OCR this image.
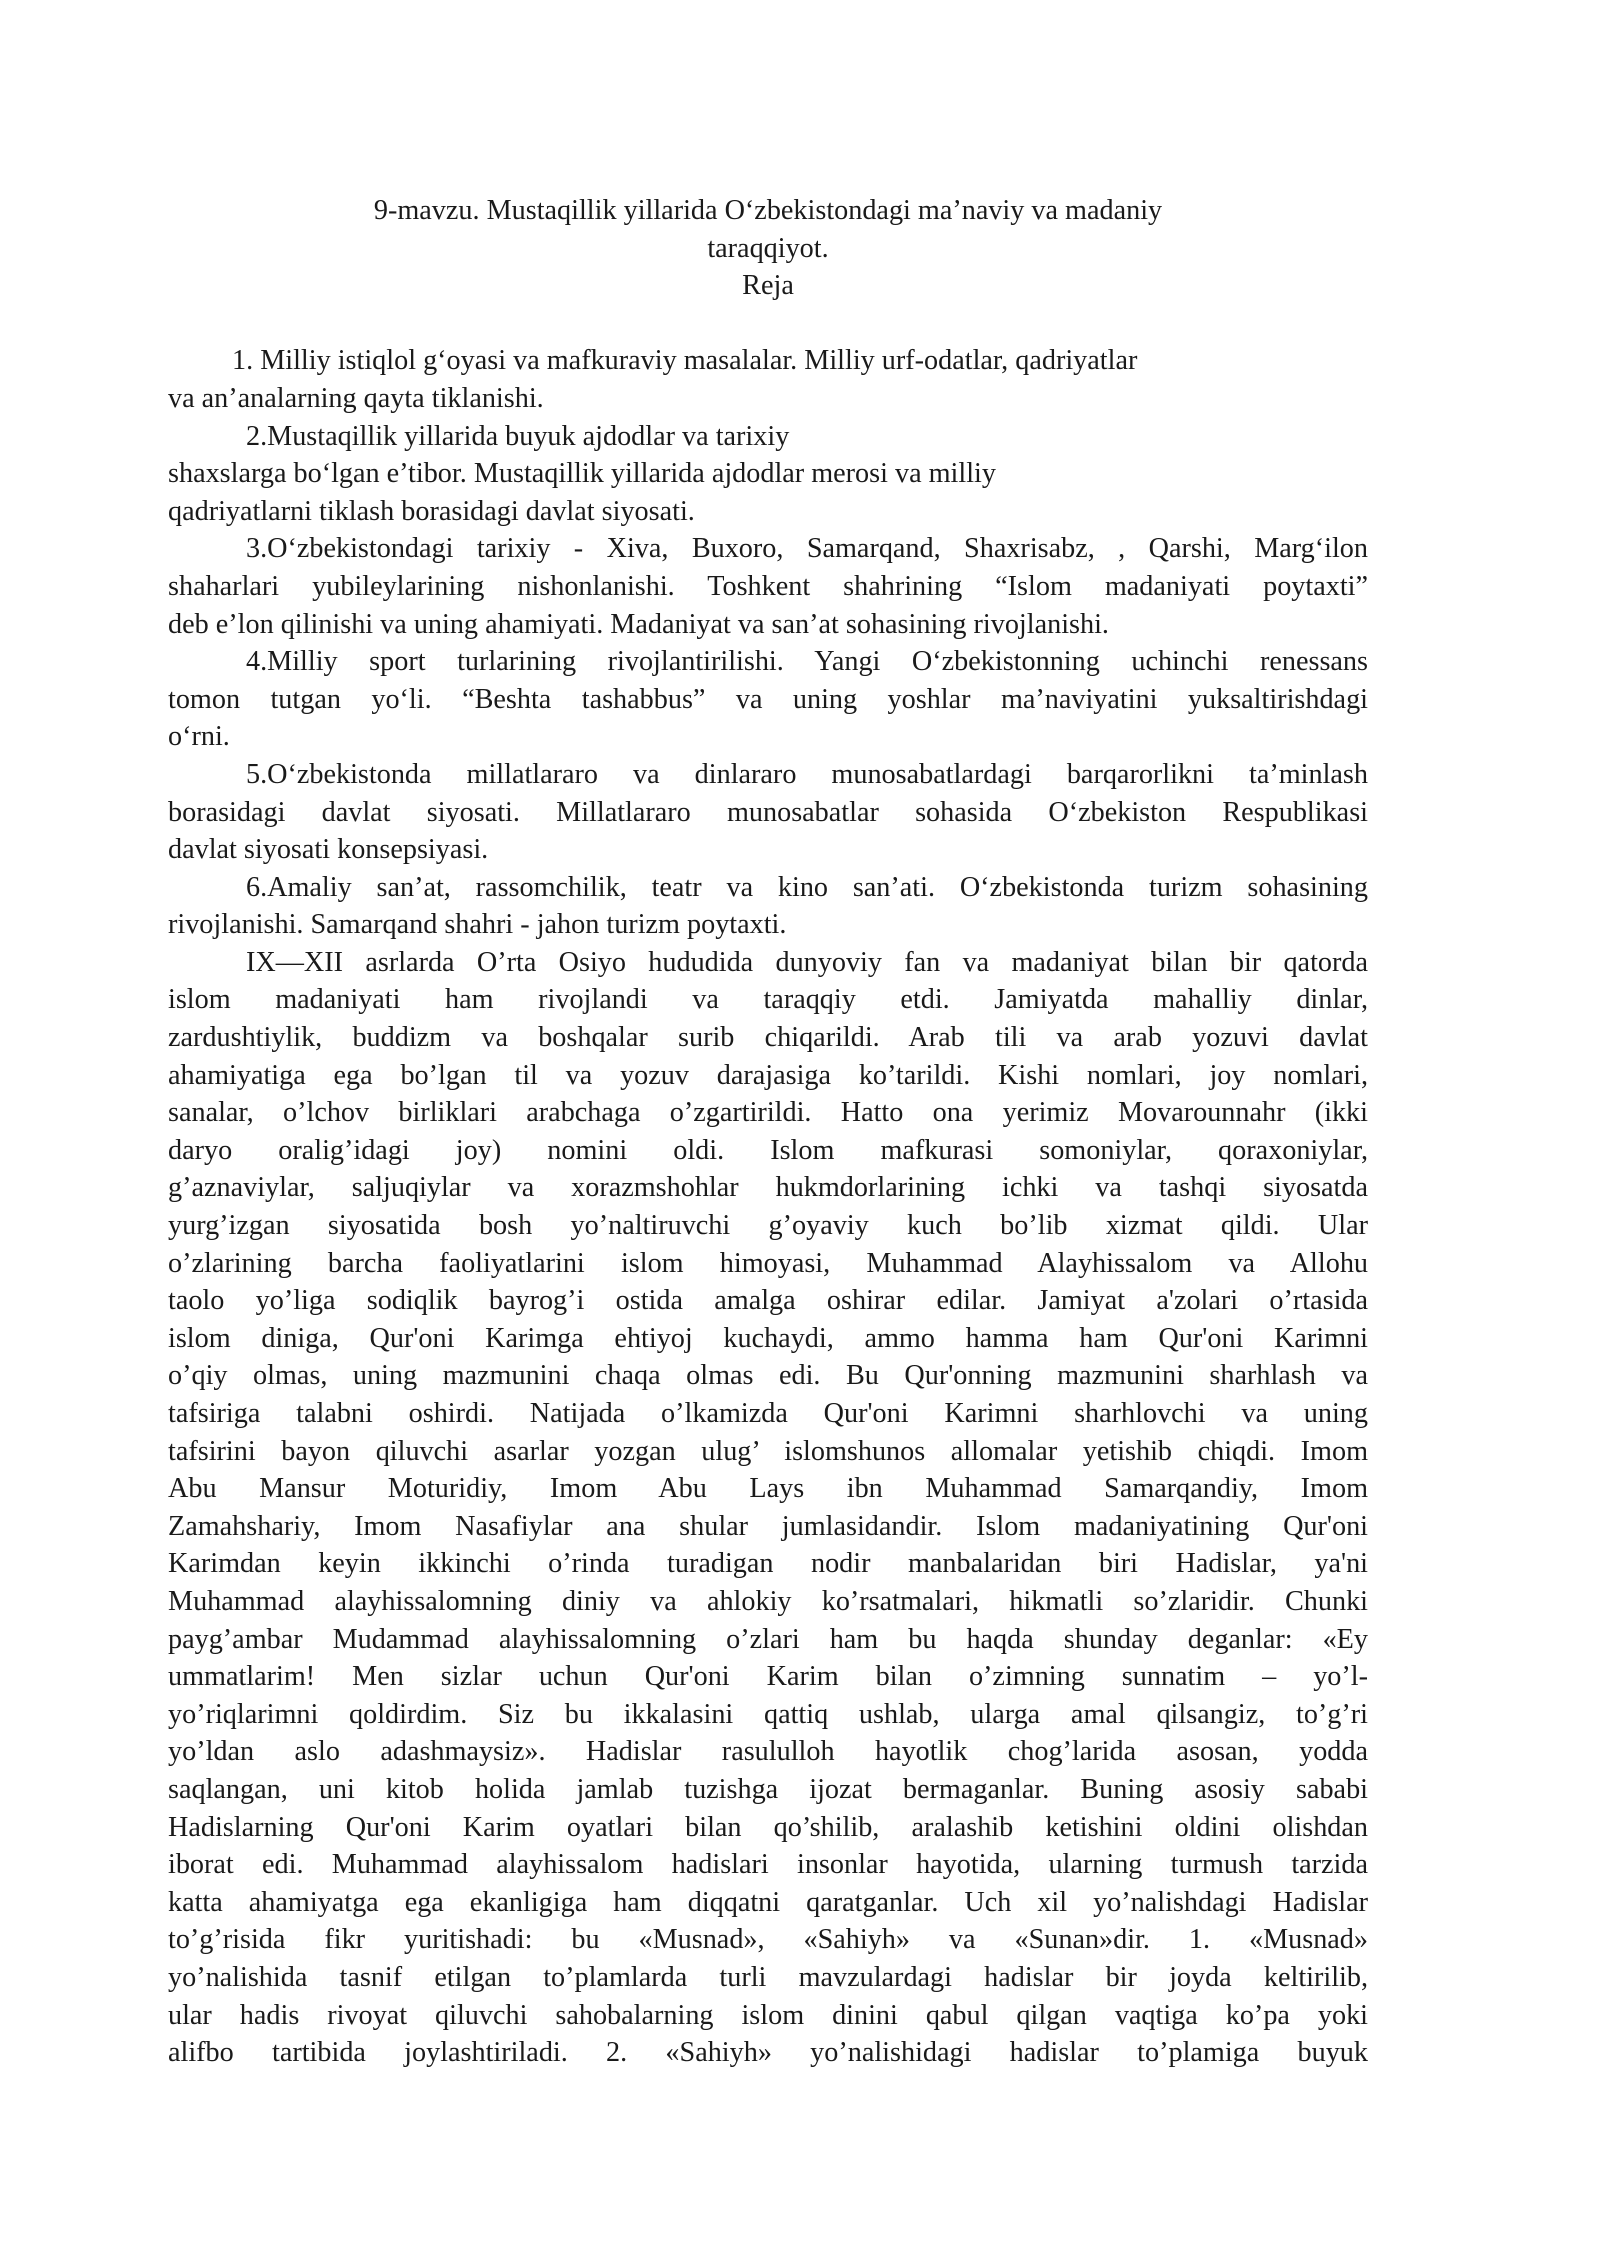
9-mavzu. Mustaqillik yillarida O‘zbekistondagi ma’naviy va madaniy
taraqqiyot.
Reja
1. Milliy istiqlol g‘oyasi va mafkuraviy masalalar. Milliy urf-odatlar, qadriyatlar
va an’analarning qayta tiklanishi.
2.Mustaqillik yillarida buyuk ajdodlar va tarixiy
shaxslarga bo‘lgan e’tibor. Mustaqillik yillarida ajdodlar merosi va milliy
qadriyatlarni tiklash borasidagi davlat siyosati.
3.O‘zbekistondagi tarixiy - Xiva, Buxoro, Samarqand, Shaxrisabz, , Qarshi, Marg‘ilon
shaharlari yubileylarining nishonlanishi. Toshkent shahrining “Islom madaniyati poytaxti”
deb e’lon qilinishi va uning ahamiyati. Madaniyat va san’at sohasining rivojlanishi.
4.Milliy sport turlarining rivojlantirilishi. Yangi O‘zbekistonning uchinchi renessans
tomon tutgan yo‘li. “Beshta tashabbus” va uning yoshlar ma’naviyatini yuksaltirishdagi
o‘rni.
5.O‘zbekistonda millatlararo va dinlararo munosabatlardagi barqarorlikni ta’minlash
borasidagi davlat siyosati. Millatlararo munosabatlar sohasida O‘zbekiston Respublikasi
davlat siyosati konsepsiyasi.
6.Amaliy san’at, rassomchilik, teatr va kino san’ati. O‘zbekistonda turizm sohasining
rivojlanishi. Samarqand shahri - jahon turizm poytaxti.
IX—XII asrlarda O’rta Osiyo hududida dunyoviy fan va madaniyat bilan bir qatorda
islom madaniyati ham rivojlandi va taraqqiy etdi. Jamiyatda mahalliy dinlar,
zardushtiylik, buddizm va boshqalar surib chiqarildi. Arab tili va arab yozuvi davlat
ahamiyatiga ega bo’lgan til va yozuv darajasiga ko’tarildi. Kishi nomlari, joy nomlari,
sanalar, o’lchov birliklari arabchaga o’zgartirildi. Hatto ona yerimiz Movarounnahr (ikki
daryo oralig’idagi joy) nomini oldi. Islom mafkurasi somoniylar, qoraxoniylar,
g’aznaviylar, saljuqiylar va xorazmshohlar hukmdorlarining ichki va tashqi siyosatda
yurg’izgan siyosatida bosh yo’naltiruvchi g’oyaviy kuch bo’lib xizmat qildi. Ular
o’zlarining barcha faoliyatlarini islom himoyasi, Muhammad Alayhissalom va Allohu
taolo yo’liga sodiqlik bayrog’i ostida amalga oshirar edilar. Jamiyat a'zolari o’rtasida
islom diniga, Qur'oni Karimga ehtiyoj kuchaydi, ammo hamma ham Qur'oni Karimni
o’qiy olmas, uning mazmunini chaqa olmas edi. Bu Qur'onning mazmunini sharhlash va
tafsiriga talabni oshirdi. Natijada o’lkamizda Qur'oni Karimni sharhlovchi va uning
tafsirini bayon qiluvchi asarlar yozgan ulug’ islomshunos allomalar yetishib chiqdi. Imom
Abu Mansur Moturidiy, Imom Abu Lays ibn Muhammad Samarqandiy, Imom
Zamahshariy, Imom Nasafiylar ana shular jumlasidandir. Islom madaniyatining Qur'oni
Karimdan keyin ikkinchi o’rinda turadigan nodir manbalaridan biri Hadislar, ya'ni
Muhammad alayhissalomning diniy va ahlokiy ko’rsatmalari, hikmatli so’zlaridir. Chunki
payg’ambar Mudammad alayhissalomning o’zlari ham bu haqda shunday deganlar: «Ey
ummatlarim! Men sizlar uchun Qur'oni Karim bilan o’zimning sunnatim – yo’l-
yo’riqlarimni qoldirdim. Siz bu ikkalasini qattiq ushlab, ularga amal qilsangiz, to’g’ri
yo’ldan aslo adashmaysiz». Hadislar rasululloh hayotlik chog’larida asosan, yodda
saqlangan, uni kitob holida jamlab tuzishga ijozat bermaganlar. Buning asosiy sababi
Hadislarning Qur'oni Karim oyatlari bilan qo’shilib, aralashib ketishini oldini olishdan
iborat edi. Muhammad alayhissalom hadislari insonlar hayotida, ularning turmush tarzida
katta ahamiyatga ega ekanligiga ham diqqatni qaratganlar. Uch xil yo’nalishdagi Hadislar
to’g’risida fikr yuritishadi: bu «Musnad», «Sahiyh» va «Sunan»dir. 1. «Musnad»
yo’nalishida tasnif etilgan to’plamlarda turli mavzulardagi hadislar bir joyda keltirilib,
ular hadis rivoyat qiluvchi sahobalarning islom dinini qabul qilgan vaqtiga ko’pa yoki
alifbo tartibida joylashtiriladi. 2. «Sahiyh» yo’nalishidagi hadislar to’plamiga buyuk
